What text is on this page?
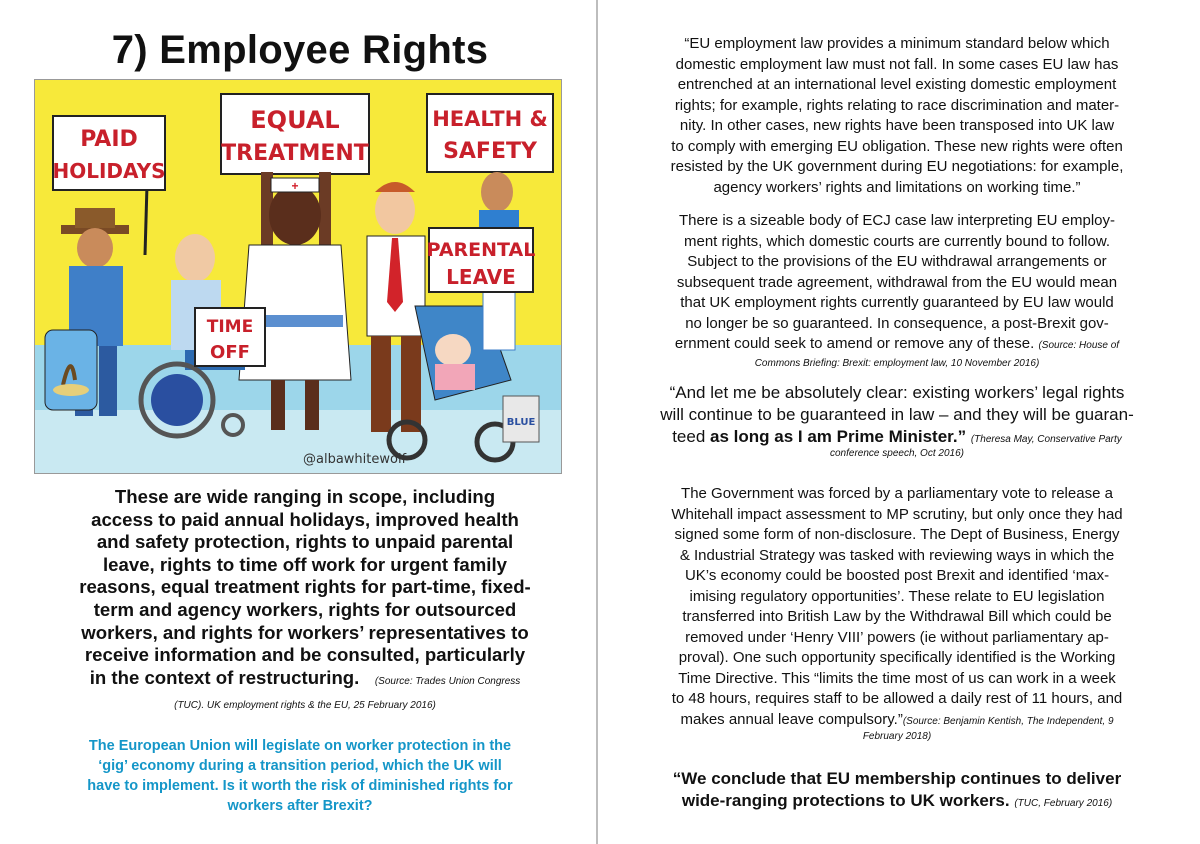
7) Employee Rights
PAID
HOLIDAYS
EQUAL
TREATMENT
HEALTH &
SAFETY
+
TIME
OFF
PARENTAL
LEAVE
BLUE
@albawhitewolf
These are wide ranging in scope, including
access to paid annual holidays, improved health
and safety protection, rights to unpaid parental
leave, rights to time off work for urgent family
reasons, equal treatment rights for part-time, fixed-
term and agency workers, rights for outsourced
workers, and rights for workers’ representatives to
receive information and be consulted, particularly
in the context of restructuring. (Source: Trades Union Congress
(TUC). UK employment rights & the EU, 25 February 2016)
The European Union will legislate on worker protection in the
‘gig’ economy during a transition period, which the UK will
have to implement. Is it worth the risk of diminished rights for
workers after Brexit?
“EU employment law provides a minimum standard below which
domestic employment law must not fall. In some cases EU law has
entrenched at an international level existing domestic employment
rights; for example, rights relating to race discrimination and mater-
nity. In other cases, new rights have been transposed into UK law
to comply with emerging EU obligation. These new rights were often
resisted by the UK government during EU negotiations: for example,
agency workers’ rights and limitations on working time.”
There is a sizeable body of ECJ case law interpreting EU employ-
ment rights, which domestic courts are currently bound to follow.
Subject to the provisions of the EU withdrawal arrangements or
subsequent trade agreement, withdrawal from the EU would mean
that UK employment rights currently guaranteed by EU law would
no longer be so guaranteed. In consequence, a post-Brexit gov-
ernment could seek to amend or remove any of these. (Source: House of
Commons Briefing: Brexit: employment law, 10 November 2016)
“And let me be absolutely clear: existing workers’ legal rights
will continue to be guaranteed in law – and they will be guaran-
teed as long as I am Prime Minister.” (Theresa May, Conservative Party
conference speech, Oct 2016)
The Government was forced by a parliamentary vote to release a
Whitehall impact assessment to MP scrutiny, but only once they had
signed some form of non-disclosure. The Dept of Business, Energy
& Industrial Strategy was tasked with reviewing ways in which the
UK’s economy could be boosted post Brexit and identified ‘max-
imising regulatory opportunities’. These relate to EU legislation
transferred into British Law by the Withdrawal Bill which could be
removed under ‘Henry VIII’ powers (ie without parliamentary ap-
proval). One such opportunity specifically identified is the Working
Time Directive. This “limits the time most of us can work in a week
to 48 hours, requires staff to be allowed a daily rest of 11 hours, and
makes annual leave compulsory.”(Source: Benjamin Kentish, The Independent, 9
February 2018)
“We conclude that EU membership continues to deliver
wide-ranging protections to UK workers. (TUC, February 2016)
